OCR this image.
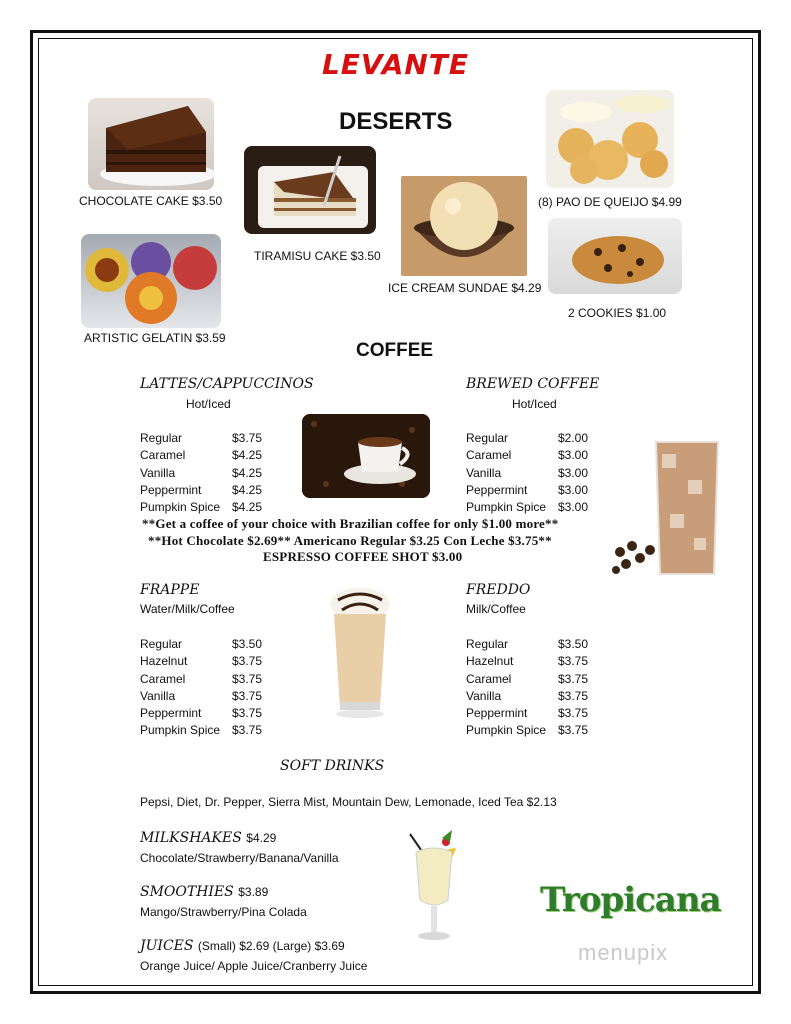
LEVANTE
DESERTS
CHOCOLATE CAKE $3.50
TIRAMISU CAKE $3.50
ICE CREAM SUNDAE $4.29
(8) PAO DE QUEIJO $4.99
2 COOKIES $1.00
ARTISTIC GELATIN $3.59
COFFEE
LATTES/CAPPUCCINOS
Hot/Iced
Regular	$3.75
Caramel	$4.25
Vanilla	$4.25
Peppermint	$4.25
Pumpkin Spice $4.25
BREWED COFFEE
Hot/Iced
Regular	$2.00
Caramel	$3.00
Vanilla	$3.00
Peppermint	$3.00
Pumpkin Spice $3.00
**Get a coffee of your choice with Brazilian coffee for only $1.00 more**
**Hot Chocolate $2.69** Americano Regular $3.25 Con Leche $3.75**
ESPRESSO COFFEE SHOT $3.00
FRAPPE
Water/Milk/Coffee
Regular	$3.50
Hazelnut	$3.75
Caramel	$3.75
Vanilla	$3.75
Peppermint	$3.75
Pumpkin Spice $3.75
FREDDO
Milk/Coffee
Regular	$3.50
Hazelnut	$3.75
Caramel	$3.75
Vanilla	$3.75
Peppermint	$3.75
Pumpkin Spice $3.75
SOFT DRINKS
Pepsi, Diet, Dr. Pepper, Sierra Mist, Mountain Dew, Lemonade, Iced Tea $2.13
MILKSHAKES $4.29
Chocolate/Strawberry/Banana/Vanilla
SMOOTHIES $3.89
Mango/Strawberry/Pina Colada
JUICES (Small) $2.69 (Large) $3.69
Orange Juice/ Apple Juice/Cranberry Juice
Tropicana
menupix
